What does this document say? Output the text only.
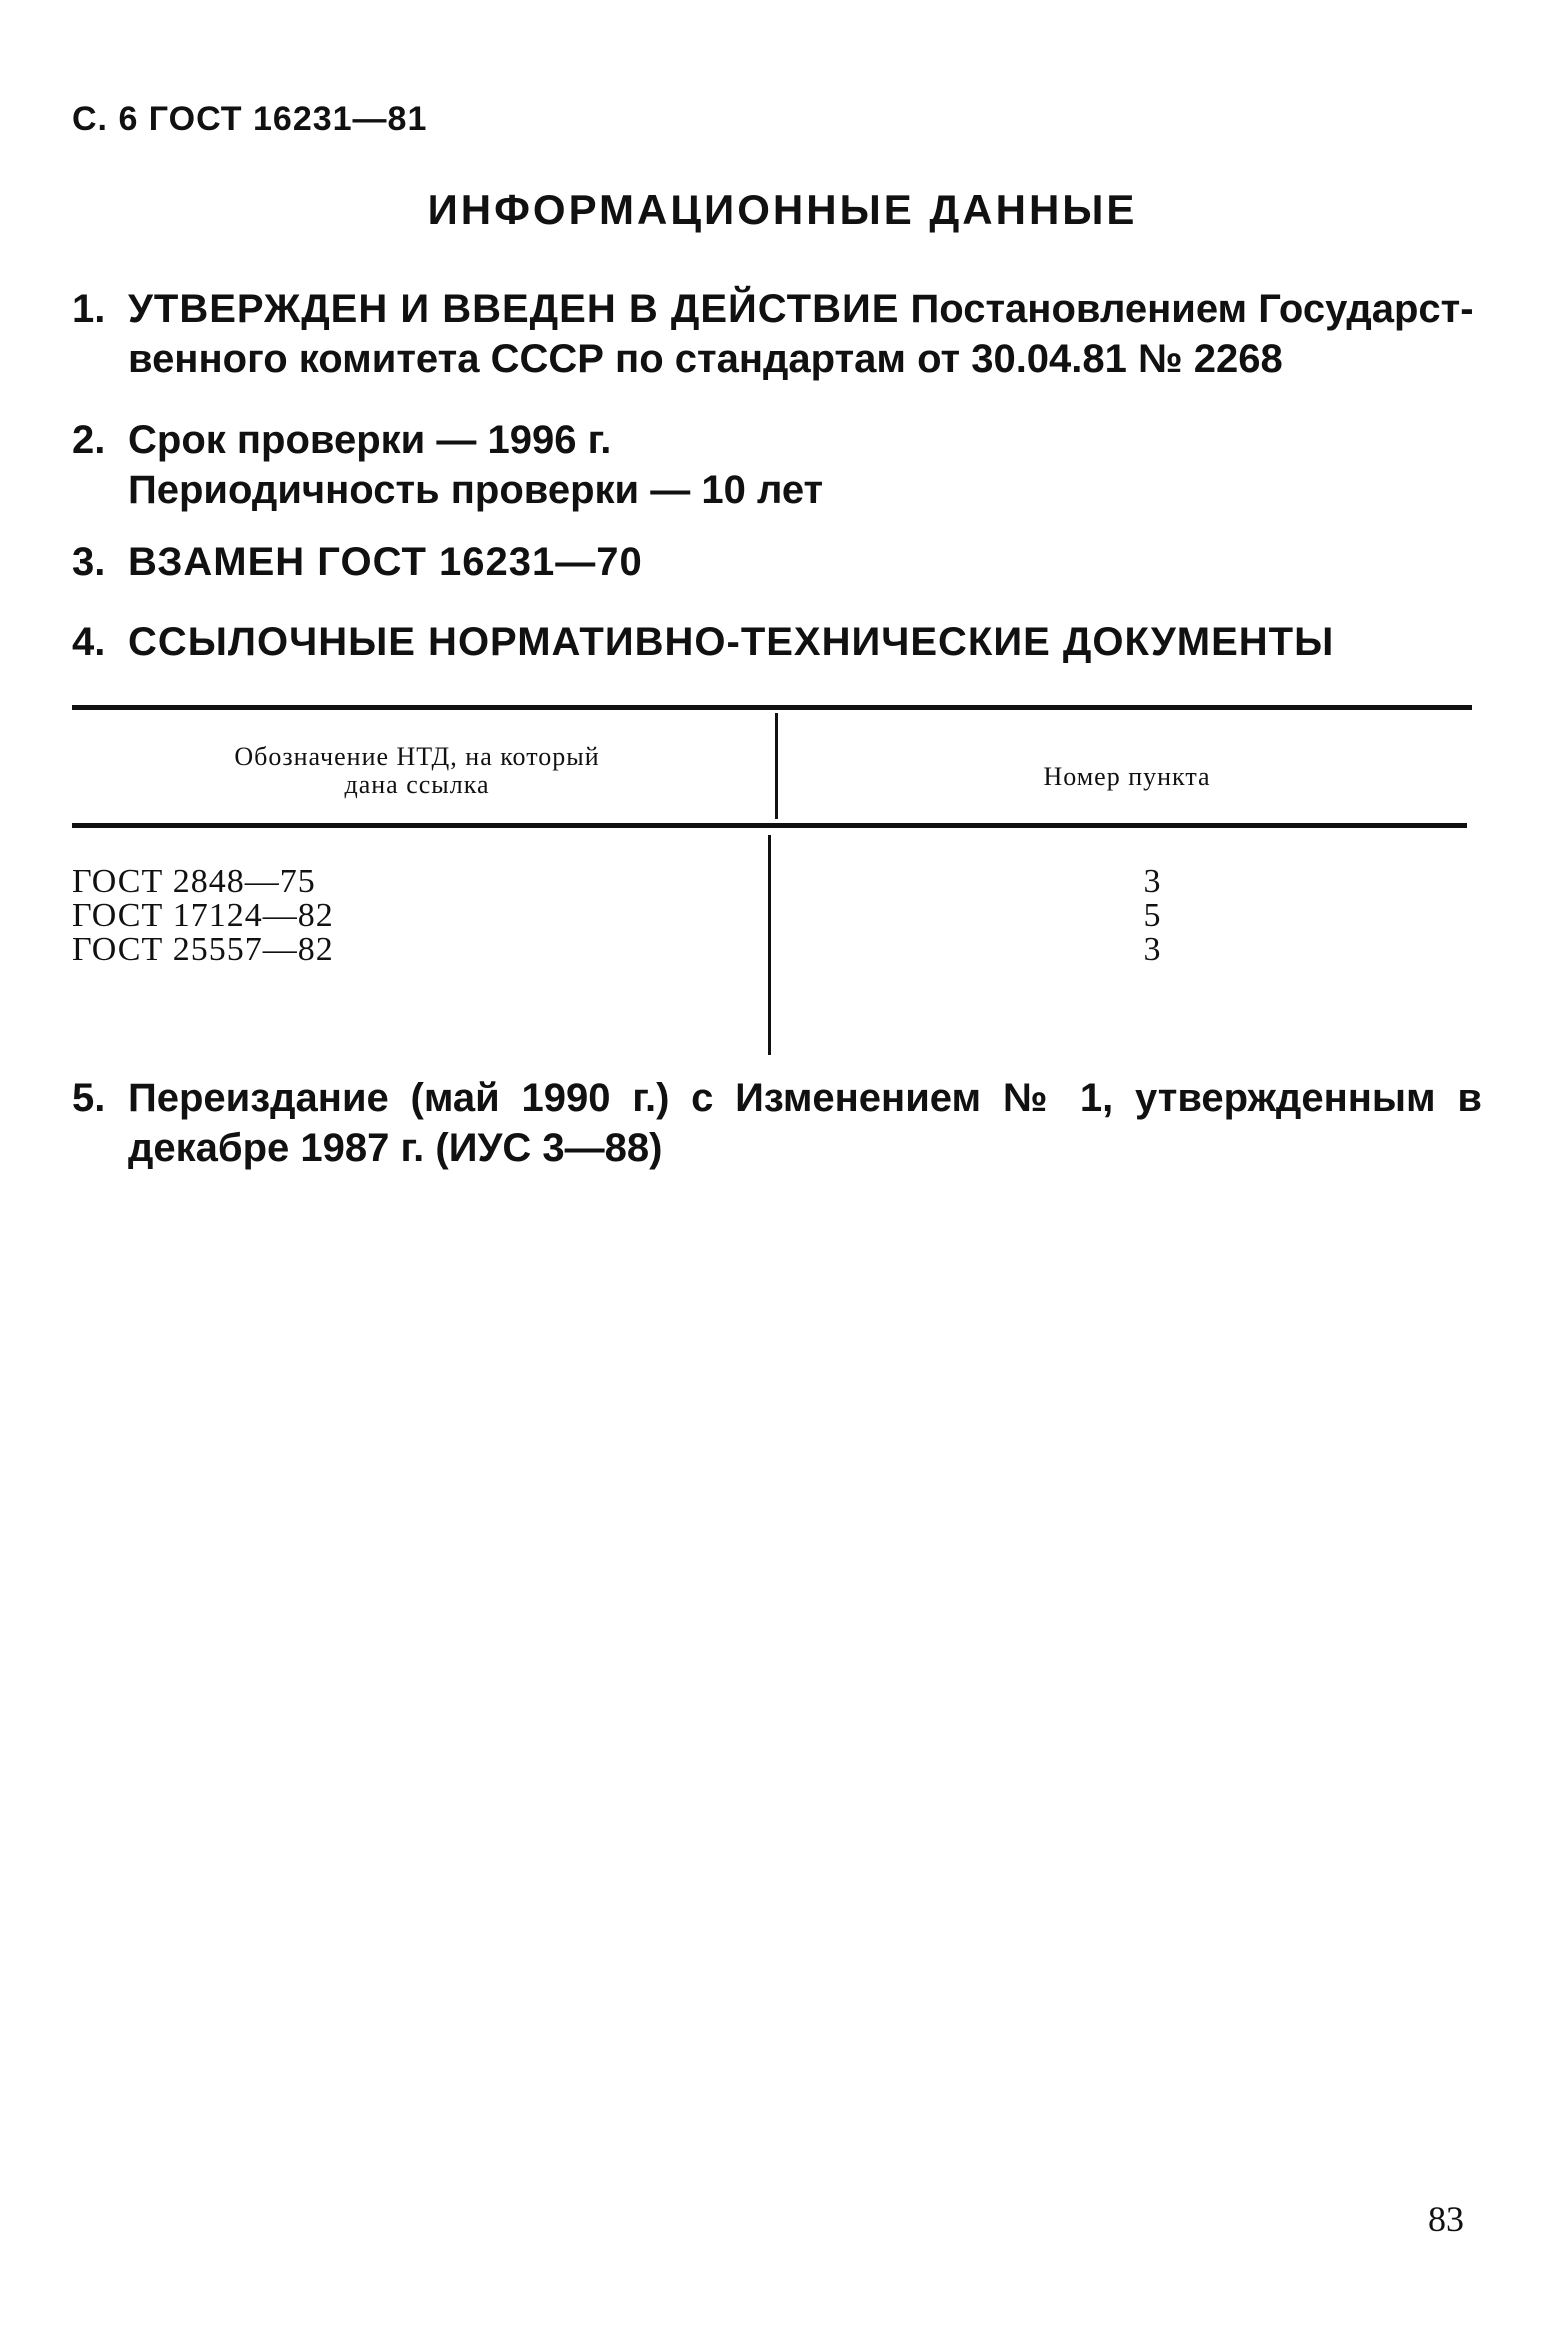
С. 6 ГОСТ 16231—81
ИНФОРМАЦИОННЫЕ ДАННЫЕ
1. УТВЕРЖДЕН И ВВЕДЕН В ДЕЙСТВИЕ Постановлением Государст-венного комитета СССР по стандартам от 30.04.81 № 2268
2. Срок проверки — 1996 г.
Периодичность проверки — 10 лет
3. ВЗАМЕН ГОСТ 16231—70
4. ССЫЛОЧНЫЕ НОРМАТИВНО-ТЕХНИЧЕСКИЕ ДОКУМЕНТЫ
Обозначение НТД, на который
дана ссылка	Номер пункта
ГОСТ 2848—75	3
ГОСТ 17124—82	5
ГОСТ 25557—82	3
5. Переиздание (май 1990 г.) с Изменением № 1, утвержденным в декабре 1987 г. (ИУС 3—88)
83
